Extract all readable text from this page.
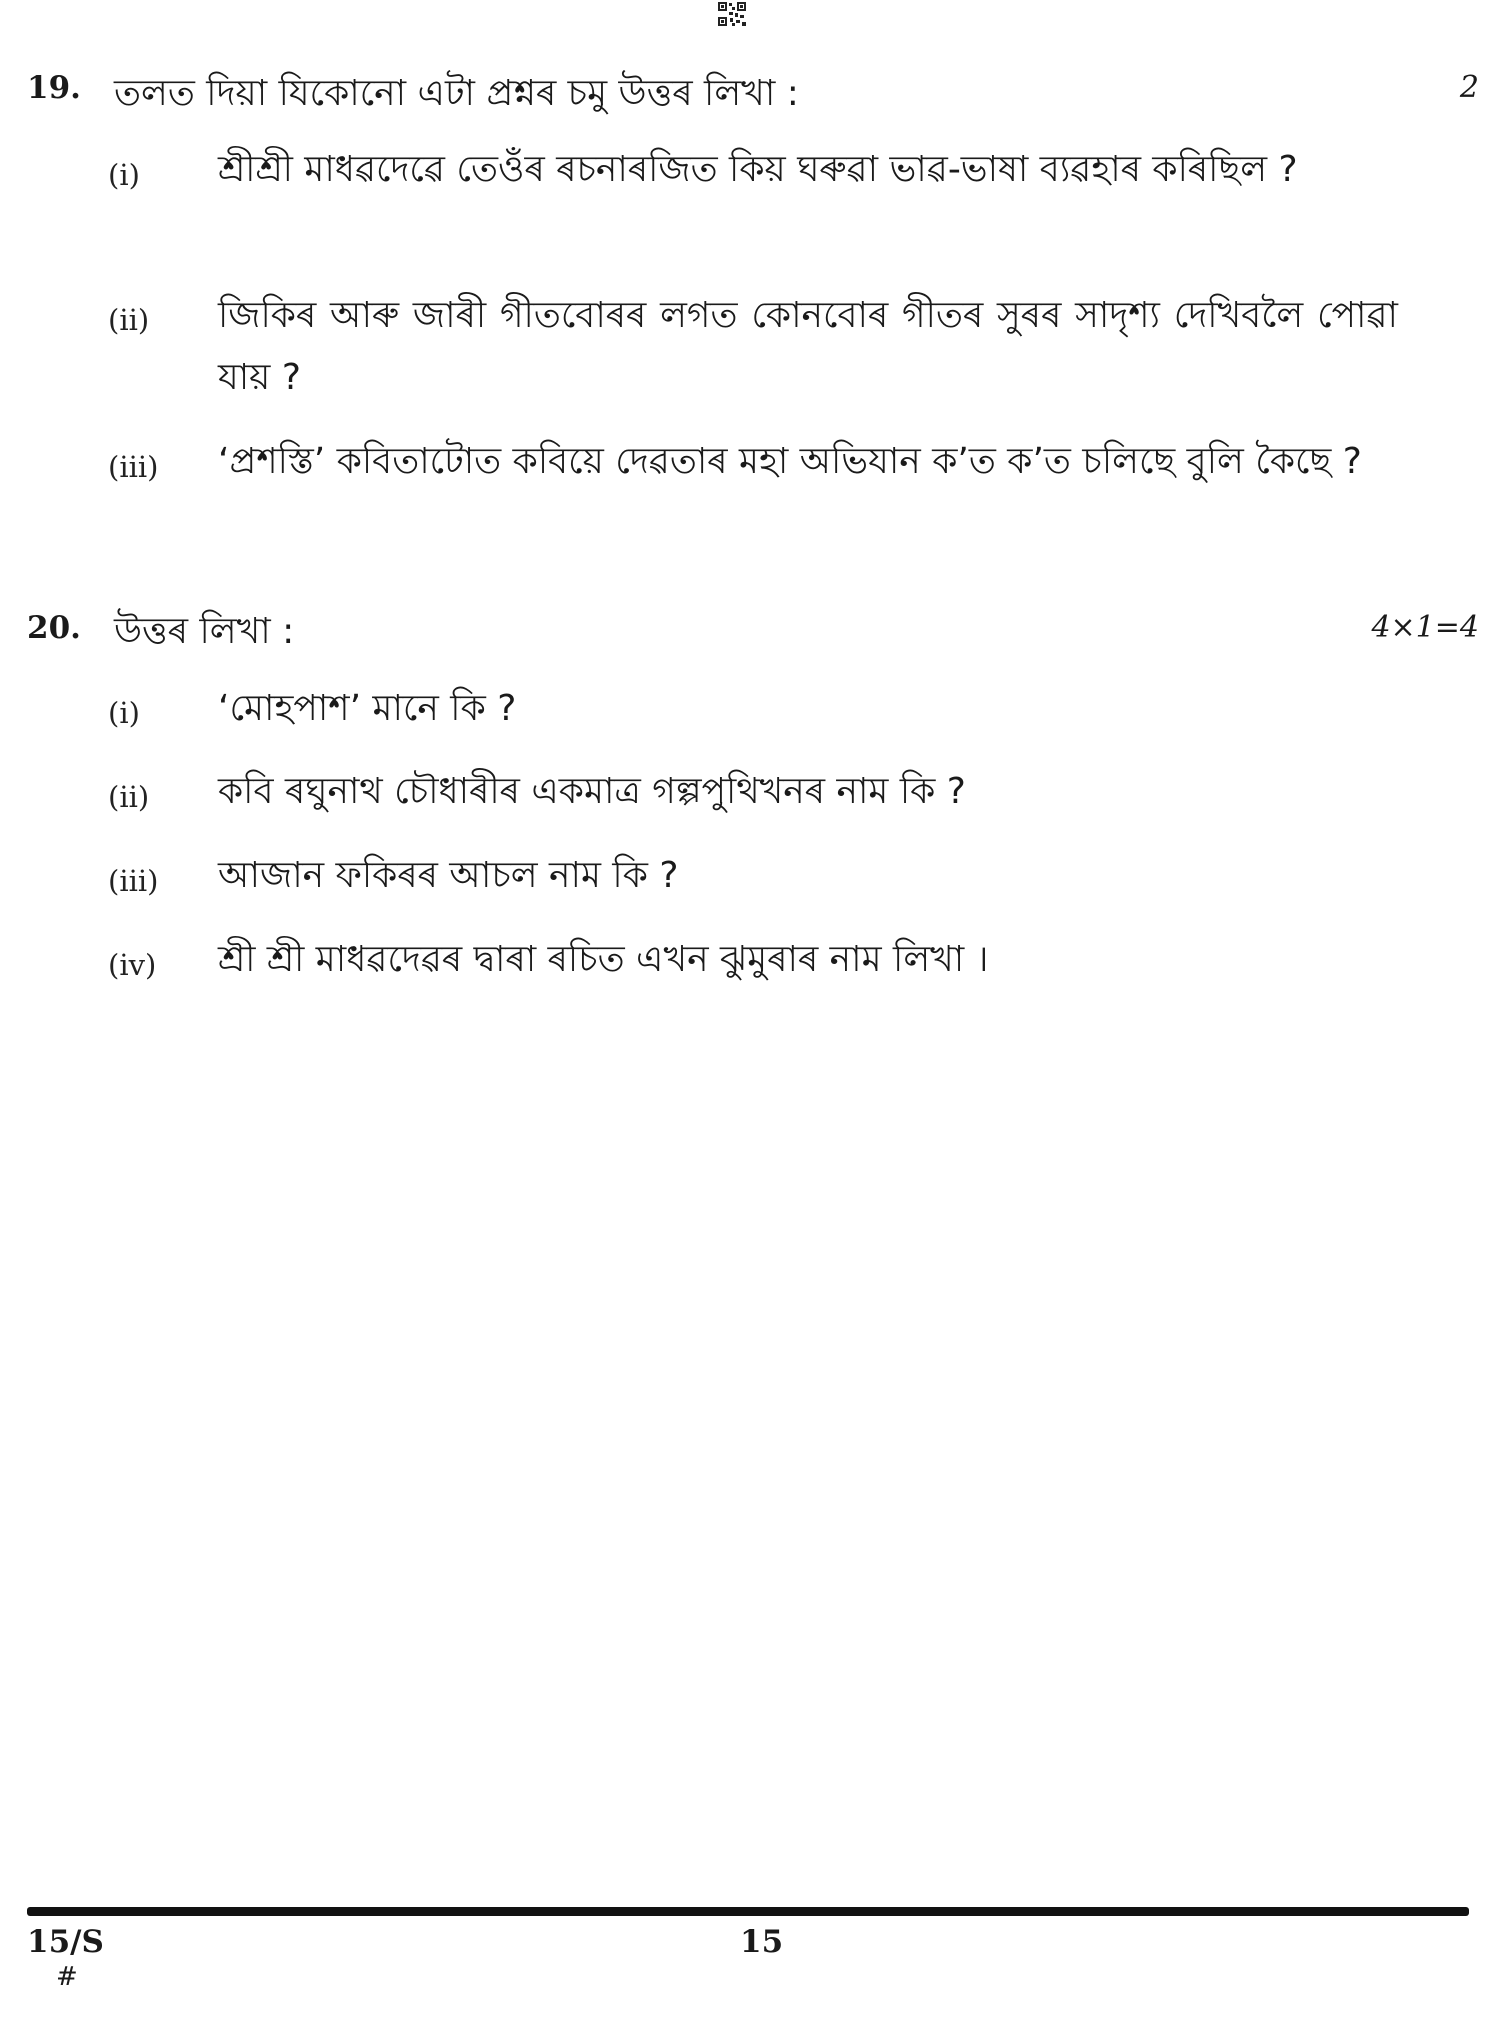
19. তলত দিয়া যিকোনো এটা প্ৰশ্নৰ চমু উত্তৰ লিখা :	2
(i) শ্ৰীশ্ৰী মাধৱদেৱে তেওঁৰ ৰচনাৰজিত কিয় ঘৰুৱা ভাৱ-ভাষা ব্যৱহাৰ কৰিছিল ?
(ii) জিকিৰ আৰু জাৰী গীতবোৰৰ লগত কোনবোৰ গীতৰ সুৰৰ সাদৃশ্য দেখিবলৈ পোৱা যায় ?
(iii) ‘প্ৰশস্তি’ কবিতাটোত কবিয়ে দেৱতাৰ মহা অভিযান ক’ত ক’ত চলিছে বুলি কৈছে ?
20. উত্তৰ লিখা :	4×1=4
(i) ‘মোহপাশ’ মানে কি ?
(ii) কবি ৰঘুনাথ চৌধাৰীৰ একমাত্ৰ গল্পপুথিখনৰ নাম কি ?
(iii) আজান ফকিৰৰ আচল নাম কি ?
(iv) শ্ৰী শ্ৰী মাধৱদেৱৰ দ্বাৰা ৰচিত এখন ঝুমুৰাৰ নাম লিখা ।
15/S
#
15
